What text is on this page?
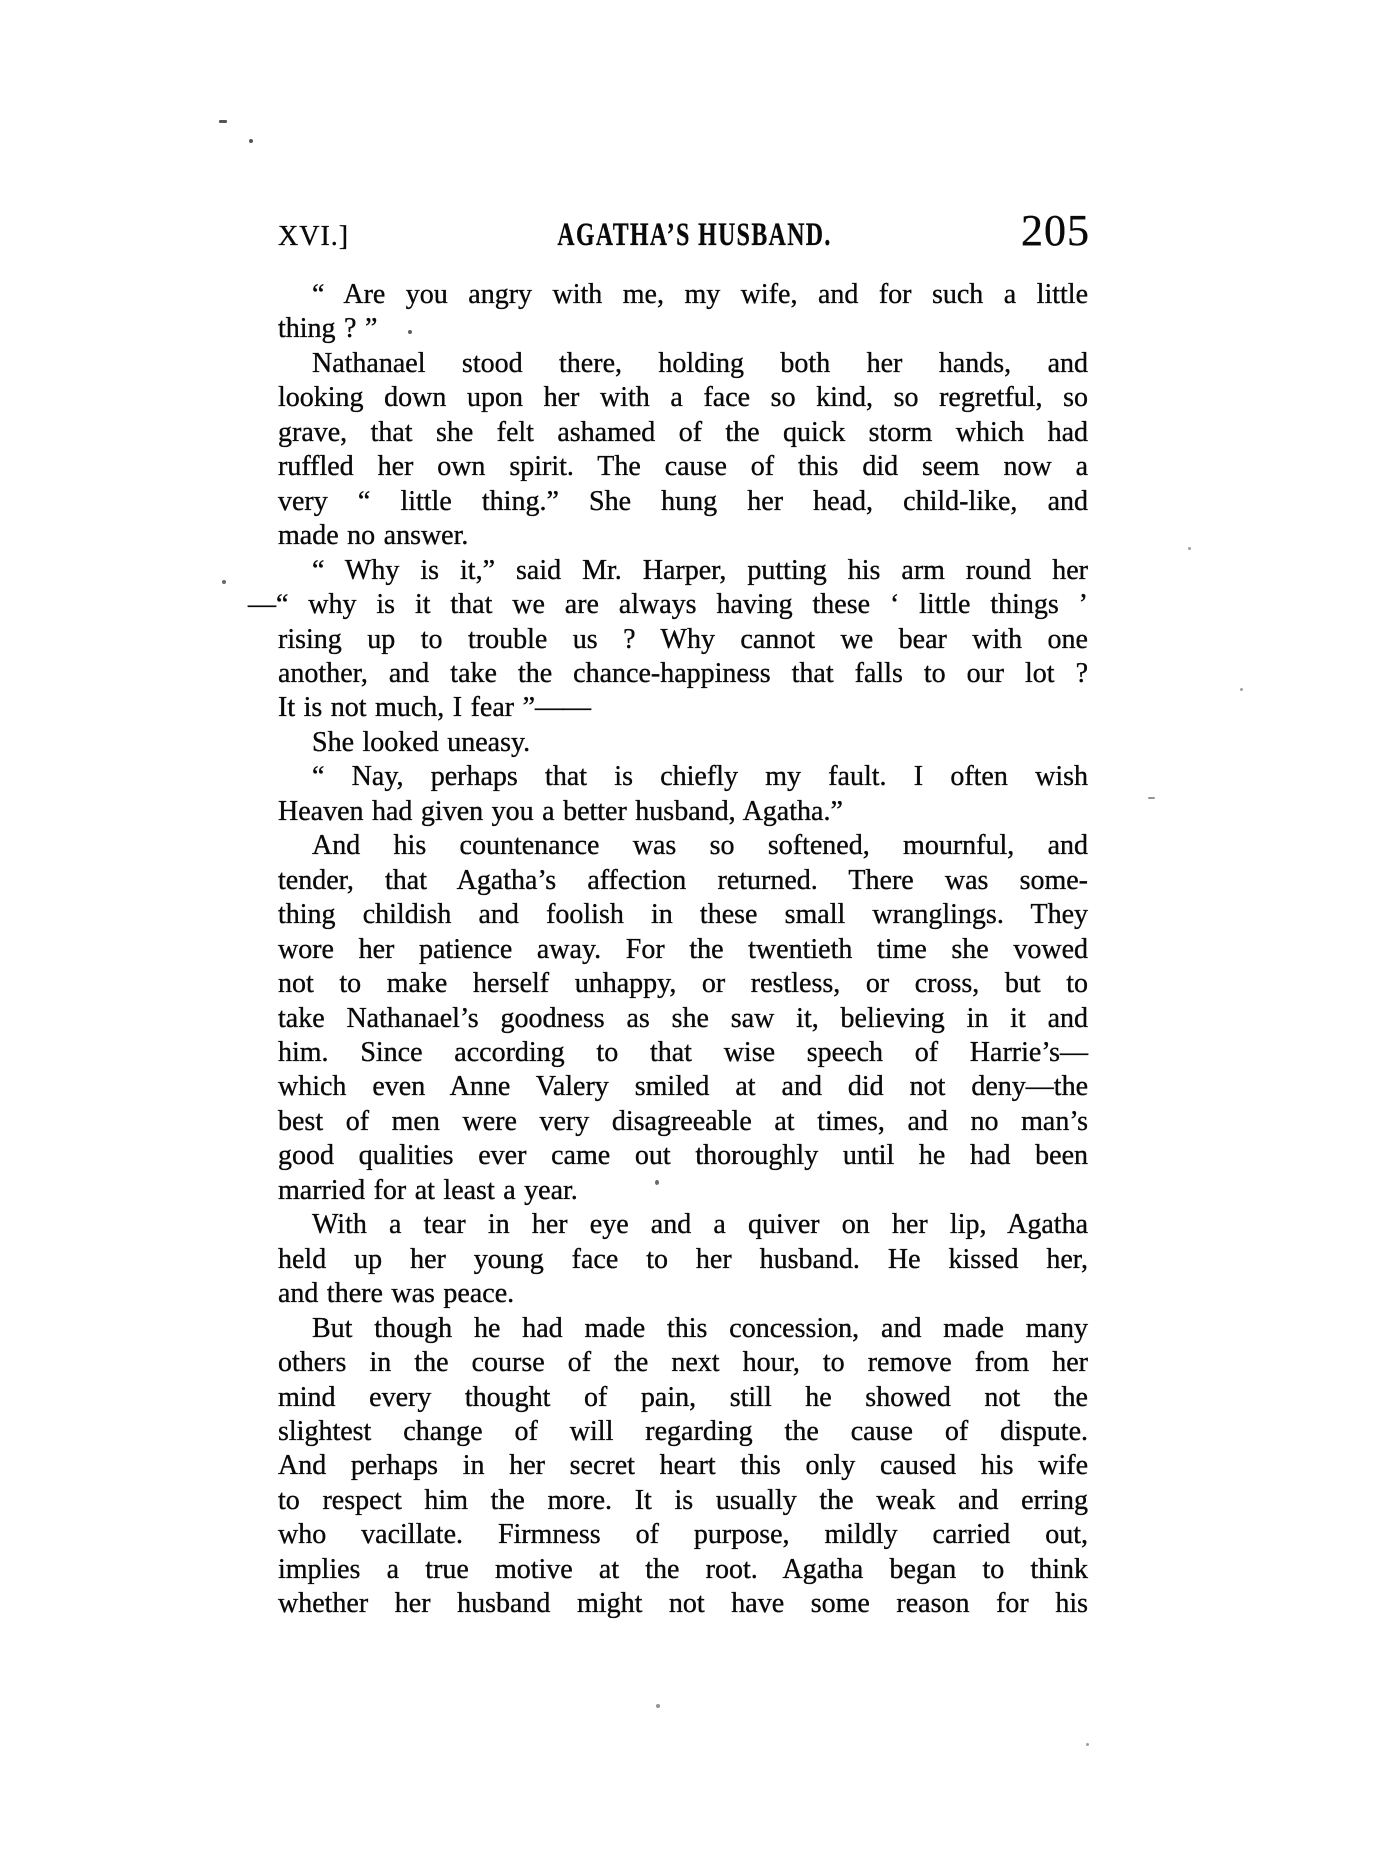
XVI.]	AGATHA’S HUSBAND.	205
“ Are you angry with me, my wife, and for such a little
thing ? ”
Nathanael stood there, holding both her hands, and
looking down upon her with a face so kind, so regretful, so
grave, that she felt ashamed of the quick storm which had
ruffled her own spirit. The cause of this did seem now a
very “ little thing.” She hung her head, child-like, and
made no answer.
“ Why is it,” said Mr. Harper, putting his arm round her
—“ why is it that we are always having these ‘ little things ’
rising up to trouble us ? Why cannot we bear with one
another, and take the chance-happiness that falls to our lot ?
It is not much, I fear ”——
She looked uneasy.
“ Nay, perhaps that is chiefly my fault. I often wish
Heaven had given you a better husband, Agatha.”
And his countenance was so softened, mournful, and
tender, that Agatha’s affection returned. There was some-
thing childish and foolish in these small wranglings. They
wore her patience away. For the twentieth time she vowed
not to make herself unhappy, or restless, or cross, but to
take Nathanael’s goodness as she saw it, believing in it and
him. Since according to that wise speech of Harrie’s—
which even Anne Valery smiled at and did not deny—the
best of men were very disagreeable at times, and no man’s
good qualities ever came out thoroughly until he had been
married for at least a year.
With a tear in her eye and a quiver on her lip, Agatha
held up her young face to her husband. He kissed her,
and there was peace.
But though he had made this concession, and made many
others in the course of the next hour, to remove from her
mind every thought of pain, still he showed not the
slightest change of will regarding the cause of dispute.
And perhaps in her secret heart this only caused his wife
to respect him the more. It is usually the weak and erring
who vacillate. Firmness of purpose, mildly carried out,
implies a true motive at the root. Agatha began to think
whether her husband might not have some reason for his
